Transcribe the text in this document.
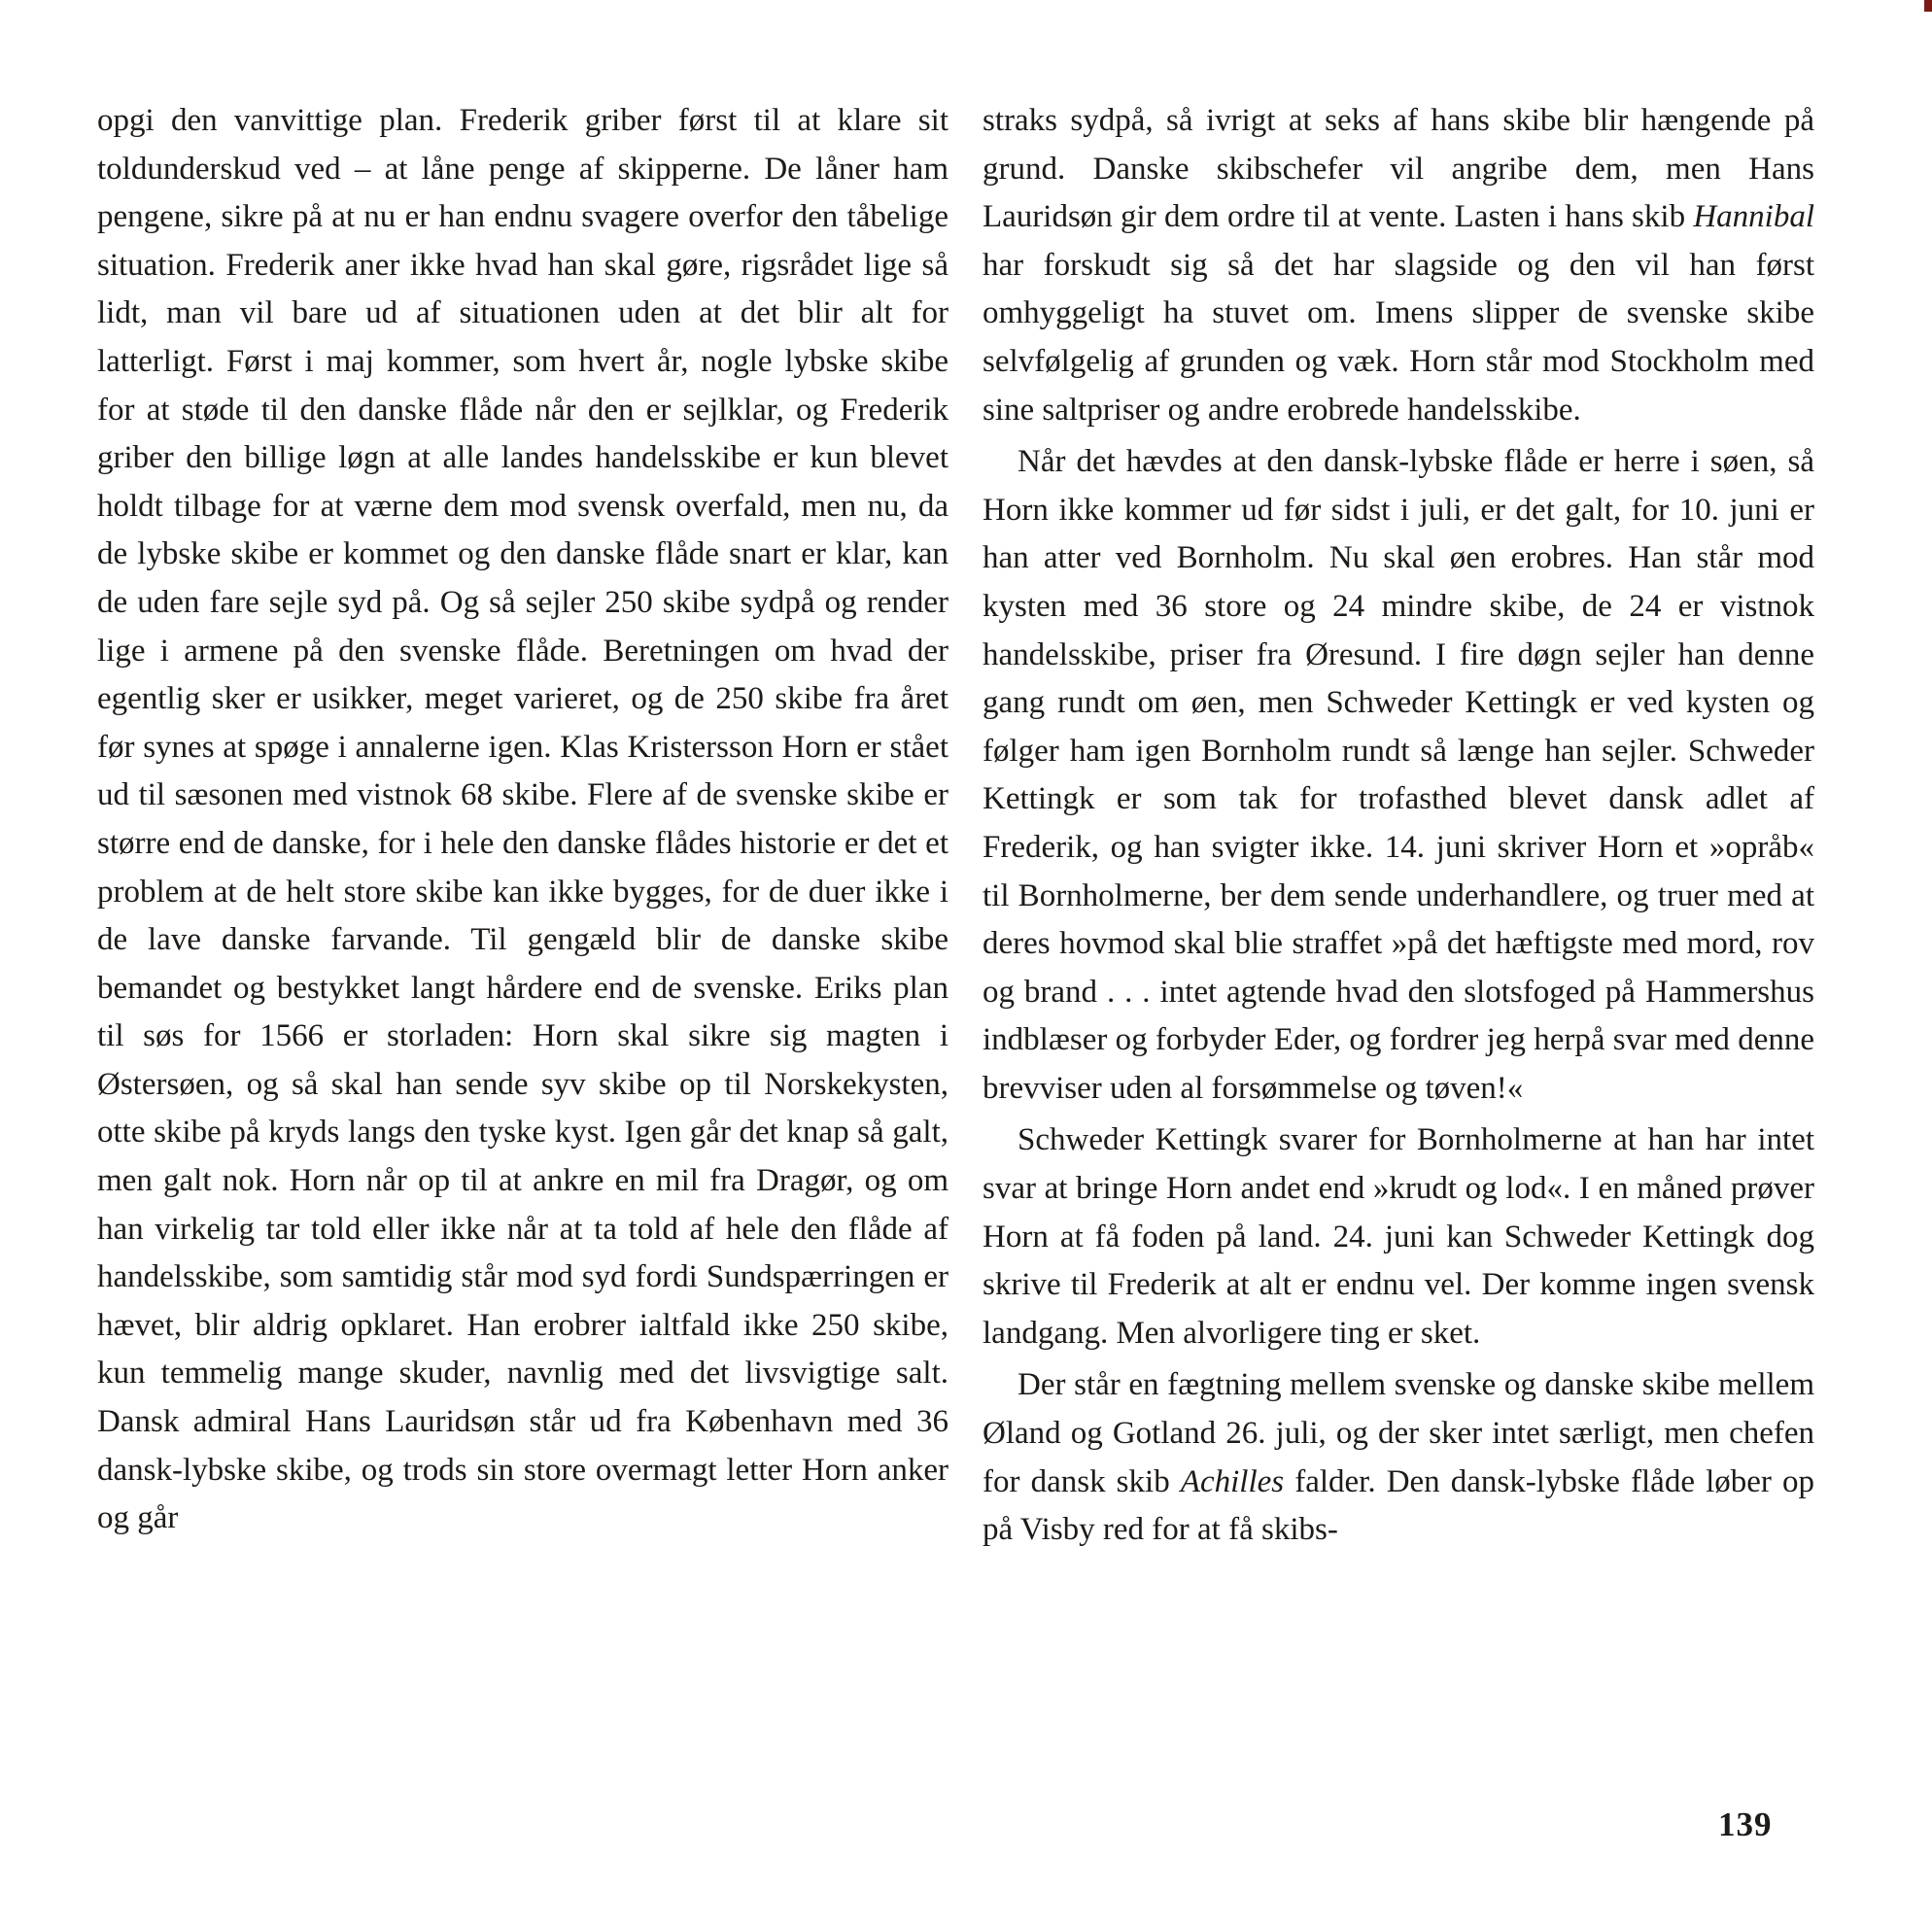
opgi den vanvittige plan. Frederik griber først til at klare sit toldunderskud ved – at låne penge af skipperne. De låner ham pengene, sikre på at nu er han endnu svagere overfor den tåbelige situation. Frederik aner ikke hvad han skal gøre, rigsrådet lige så lidt, man vil bare ud af situationen uden at det blir alt for latterligt. Først i maj kommer, som hvert år, nogle lybske skibe for at støde til den danske flåde når den er sejlklar, og Frederik griber den billige løgn at alle landes handelsskibe er kun blevet holdt tilbage for at værne dem mod svensk overfald, men nu, da de lybske skibe er kommet og den danske flåde snart er klar, kan de uden fare sejle syd på. Og så sejler 250 skibe sydpå og render lige i armene på den svenske flåde. Beretningen om hvad der egentlig sker er usikker, meget varieret, og de 250 skibe fra året før synes at spøge i annalerne igen. Klas Kristersson Horn er stået ud til sæsonen med vistnok 68 skibe. Flere af de svenske skibe er større end de danske, for i hele den danske flådes historie er det et problem at de helt store skibe kan ikke bygges, for de duer ikke i de lave danske farvande. Til gengæld blir de danske skibe bemandet og bestykket langt hårdere end de svenske. Eriks plan til søs for 1566 er storladen: Horn skal sikre sig magten i Østersøen, og så skal han sende syv skibe op til Norskekysten, otte skibe på kryds langs den tyske kyst. Igen går det knap så galt, men galt nok. Horn når op til at ankre en mil fra Dragør, og om han virkelig tar told eller ikke når at ta told af hele den flåde af handelsskibe, som samtidig står mod syd fordi Sundspærringen er hævet, blir aldrig opklaret. Han erobrer ialtfald ikke 250 skibe, kun temmelig mange skuder, navnlig med det livsvigtige salt. Dansk admiral Hans Lauridsøn står ud fra København med 36 dansk-lybske skibe, og trods sin store overmagt letter Horn anker og går

straks sydpå, så ivrigt at seks af hans skibe blir hængende på grund. Danske skibschefer vil angribe dem, men Hans Lauridsøn gir dem ordre til at vente. Lasten i hans skib Hannibal har forskudt sig så det har slagside og den vil han først omhyggeligt ha stuvet om. Imens slipper de svenske skibe selvfølgelig af grunden og væk. Horn står mod Stockholm med sine saltpriser og andre erobrede handelsskibe.

Når det hævdes at den dansk-lybske flåde er herre i søen, så Horn ikke kommer ud før sidst i juli, er det galt, for 10. juni er han atter ved Bornholm. Nu skal øen erobres. Han står mod kysten med 36 store og 24 mindre skibe, de 24 er vistnok handelsskibe, priser fra Øresund. I fire døgn sejler han denne gang rundt om øen, men Schweder Kettingk er ved kysten og følger ham igen Bornholm rundt så længe han sejler. Schweder Kettingk er som tak for trofasthed blevet dansk adlet af Frederik, og han svigter ikke. 14. juni skriver Horn et »opråb« til Bornholmerne, ber dem sende underhandlere, og truer med at deres hovmod skal blie straffet »på det hæftigste med mord, rov og brand . . . intet agtende hvad den slotsfoged på Hammershus indblæser og forbyder Eder, og fordrer jeg herpå svar med denne brevviser uden al forsømmelse og tøven!«

Schweder Kettingk svarer for Bornholmerne at han har intet svar at bringe Horn andet end »krudt og lod«. I en måned prøver Horn at få foden på land. 24. juni kan Schweder Kettingk dog skrive til Frederik at alt er endnu vel. Der komme ingen svensk landgang. Men alvorligere ting er sket.

Der står en fægtning mellem svenske og danske skibe mellem Øland og Gotland 26. juli, og der sker intet særligt, men chefen for dansk skib Achilles falder. Den dansk-lybske flåde løber op på Visby red for at få skibs-

139
